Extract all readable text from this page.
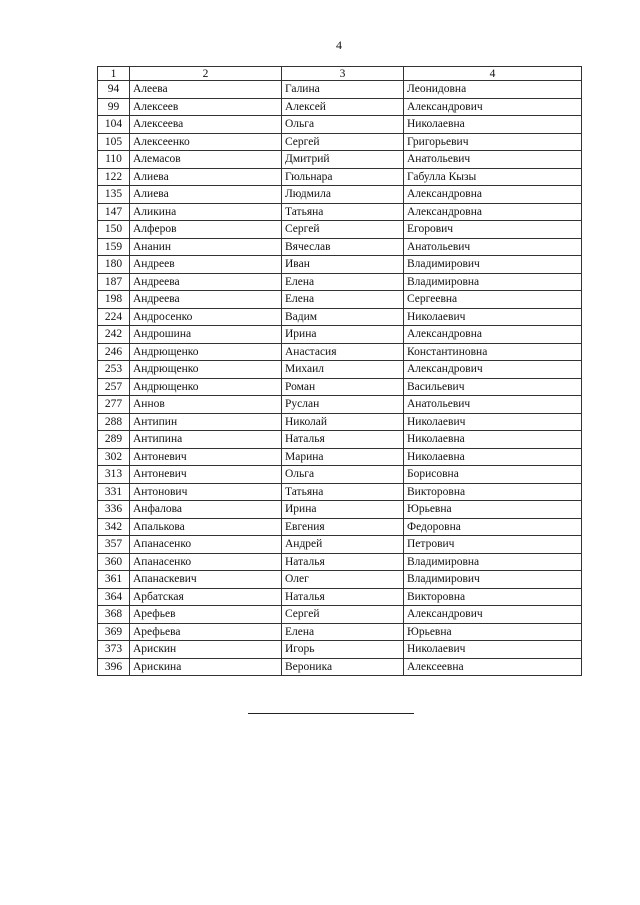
4
1	2	3	4
94	Алеева	Галина	Леонидовна
99	Алексеев	Алексей	Александрович
104	Алексеева	Ольга	Николаевна
105	Алексеенко	Сергей	Григорьевич
110	Алемасов	Дмитрий	Анатольевич
122	Алиева	Гюльнара	Габулла Кызы
135	Алиева	Людмила	Александровна
147	Аликина	Татьяна	Александровна
150	Алферов	Сергей	Егорович
159	Ананин	Вячеслав	Анатольевич
180	Андреев	Иван	Владимирович
187	Андреева	Елена	Владимировна
198	Андреева	Елена	Сергеевна
224	Андросенко	Вадим	Николаевич
242	Андрошина	Ирина	Александровна
246	Андрющенко	Анастасия	Константиновна
253	Андрющенко	Михаил	Александрович
257	Андрющенко	Роман	Васильевич
277	Аннов	Руслан	Анатольевич
288	Антипин	Николай	Николаевич
289	Антипина	Наталья	Николаевна
302	Антоневич	Марина	Николаевна
313	Антоневич	Ольга	Борисовна
331	Антонович	Татьяна	Викторовна
336	Анфалова	Ирина	Юрьевна
342	Апалькова	Евгения	Федоровна
357	Апанасенко	Андрей	Петрович
360	Апанасенко	Наталья	Владимировна
361	Апанаскевич	Олег	Владимирович
364	Арбатская	Наталья	Викторовна
368	Арефьев	Сергей	Александрович
369	Арефьева	Елена	Юрьевна
373	Арискин	Игорь	Николаевич
396	Арискина	Вероника	Алексеевна
